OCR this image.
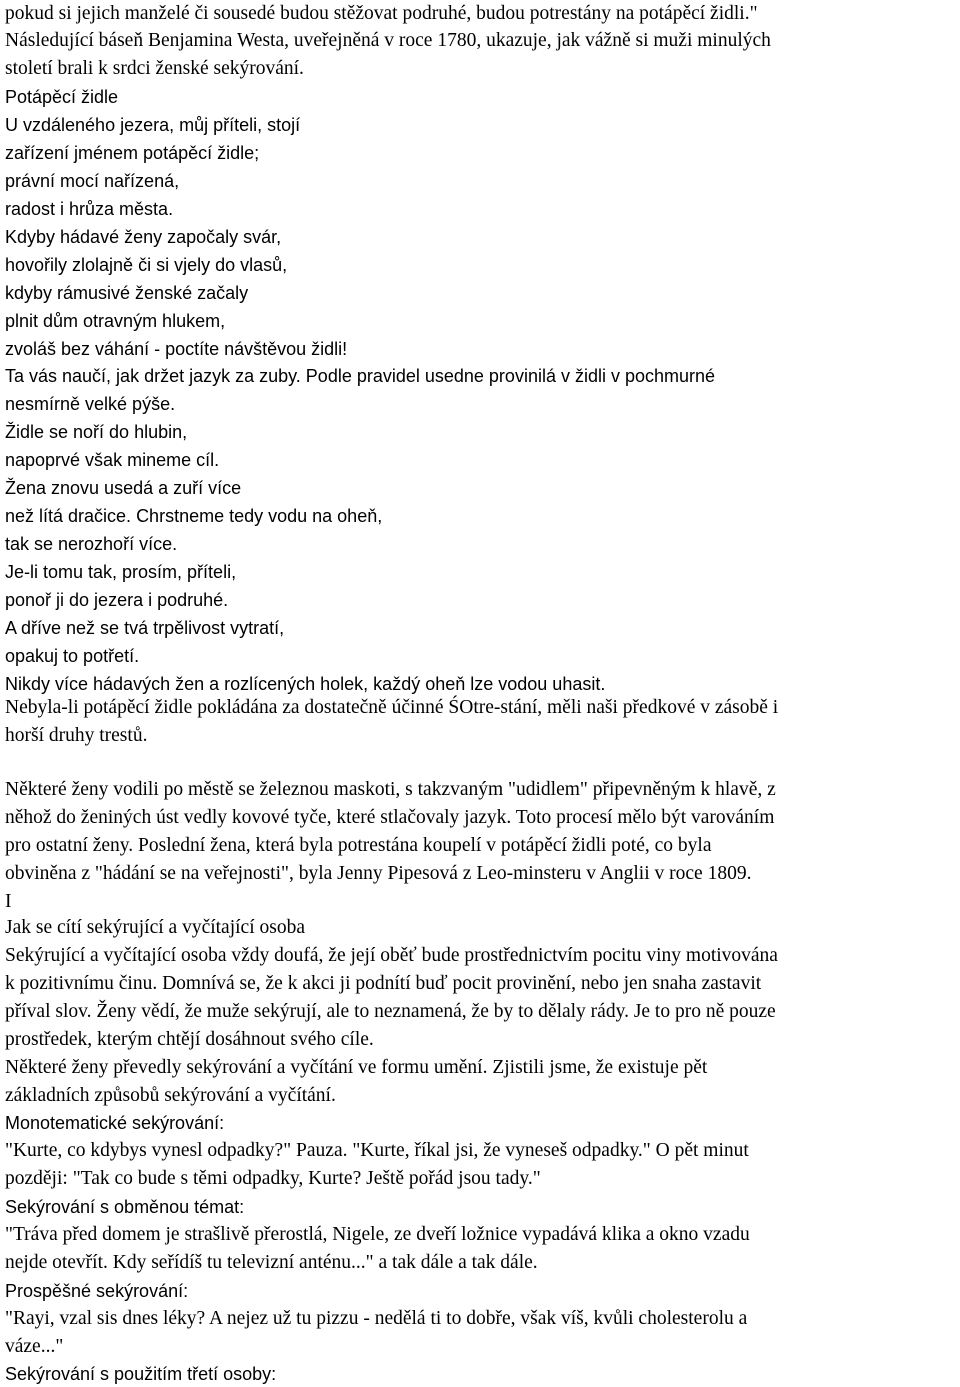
pokud si jejich manželé či sousedé budou stěžovat podruhé, budou potrestány na potápěcí židli."
Následující báseň Benjamina Westa, uveřejněná v roce 1780, ukazuje, jak vážně si muži minulých
století brali k srdci ženské sekýrování.
Potápěcí židle
U vzdáleného jezera, můj příteli, stojí
zařízení jménem potápěcí židle;
právní mocí nařízená,
radost i hrůza města.
Kdyby hádavé ženy započaly svár,
hovořily zlolajně či si vjely do vlasů,
kdyby rámusivé ženské začaly
plnit dům otravným hlukem,
zvoláš bez váhání - poctíte návštěvou židli!
Ta vás naučí, jak držet jazyk za zuby. Podle pravidel usedne provinilá v židli v pochmurné
nesmírně velké pýše.
Židle se noří do hlubin,
napoprvé však mineme cíl.
Žena znovu usedá a zuří více
než lítá dračice. Chrstneme tedy vodu na oheň,
tak se nerozhoří více.
Je-li tomu tak, prosím, příteli,
ponoř ji do jezera i podruhé.
A dříve než se tvá trpělivost vytratí,
opakuj to potřetí.
Nikdy více hádavých žen a rozlícených holek, každý oheň lze vodou uhasit.
Nebyla-li potápěcí židle pokládána za dostatečně účinné ŚOtre-stání, měli naši předkové v zásobě i
horší druhy trestů.
Některé ženy vodili po městě se železnou maskoti, s takzvaným "udidlem" připevněným k hlavě, z
něhož do ženiných úst vedly kovové tyče, které stlačovaly jazyk. Toto procesí mělo být varováním
pro ostatní ženy. Poslední žena, která byla potrestána koupelí v potápěcí židli poté, co byla
obviněna z "hádání se na veřejnosti", byla Jenny Pipesová z Leo-minsteru v Anglii v roce 1809.
I
Jak se cítí sekýrující a vyčítající osoba
Sekýrující a vyčítající osoba vždy doufá, že její oběť bude prostřednictvím pocitu viny motivována
k pozitivnímu činu. Domnívá se, že k akci ji podnítí buď pocit provinění, nebo jen snaha zastavit
příval slov. Ženy vědí, že muže sekýrují, ale to neznamená, že by to dělaly rády. Je to pro ně pouze
prostředek, kterým chtějí dosáhnout svého cíle.
Některé ženy převedly sekýrování a vyčítání ve formu umění. Zjistili jsme, že existuje pět
základních způsobů sekýrování a vyčítání.
Monotematické sekýrování:
"Kurte, co kdybys vynesl odpadky?" Pauza. "Kurte, říkal jsi, že vyneseš odpadky." O pět minut
později: "Tak co bude s těmi odpadky, Kurte? Ještě pořád jsou tady."
Sekýrování s obměnou témat:
"Tráva před domem je strašlivě přerostlá, Nigele, ze dveří ložnice vypadává klika a okno vzadu
nejde otevřít. Kdy seřídíš tu televizní anténu..." a tak dále a tak dále.
Prospěšné sekýrování:
"Rayi, vzal sis dnes léky? A nejez už tu pizzu - nedělá ti to dobře, však víš, kvůli cholesterolu a
váze..."
Sekýrování s použitím třetí osoby:
